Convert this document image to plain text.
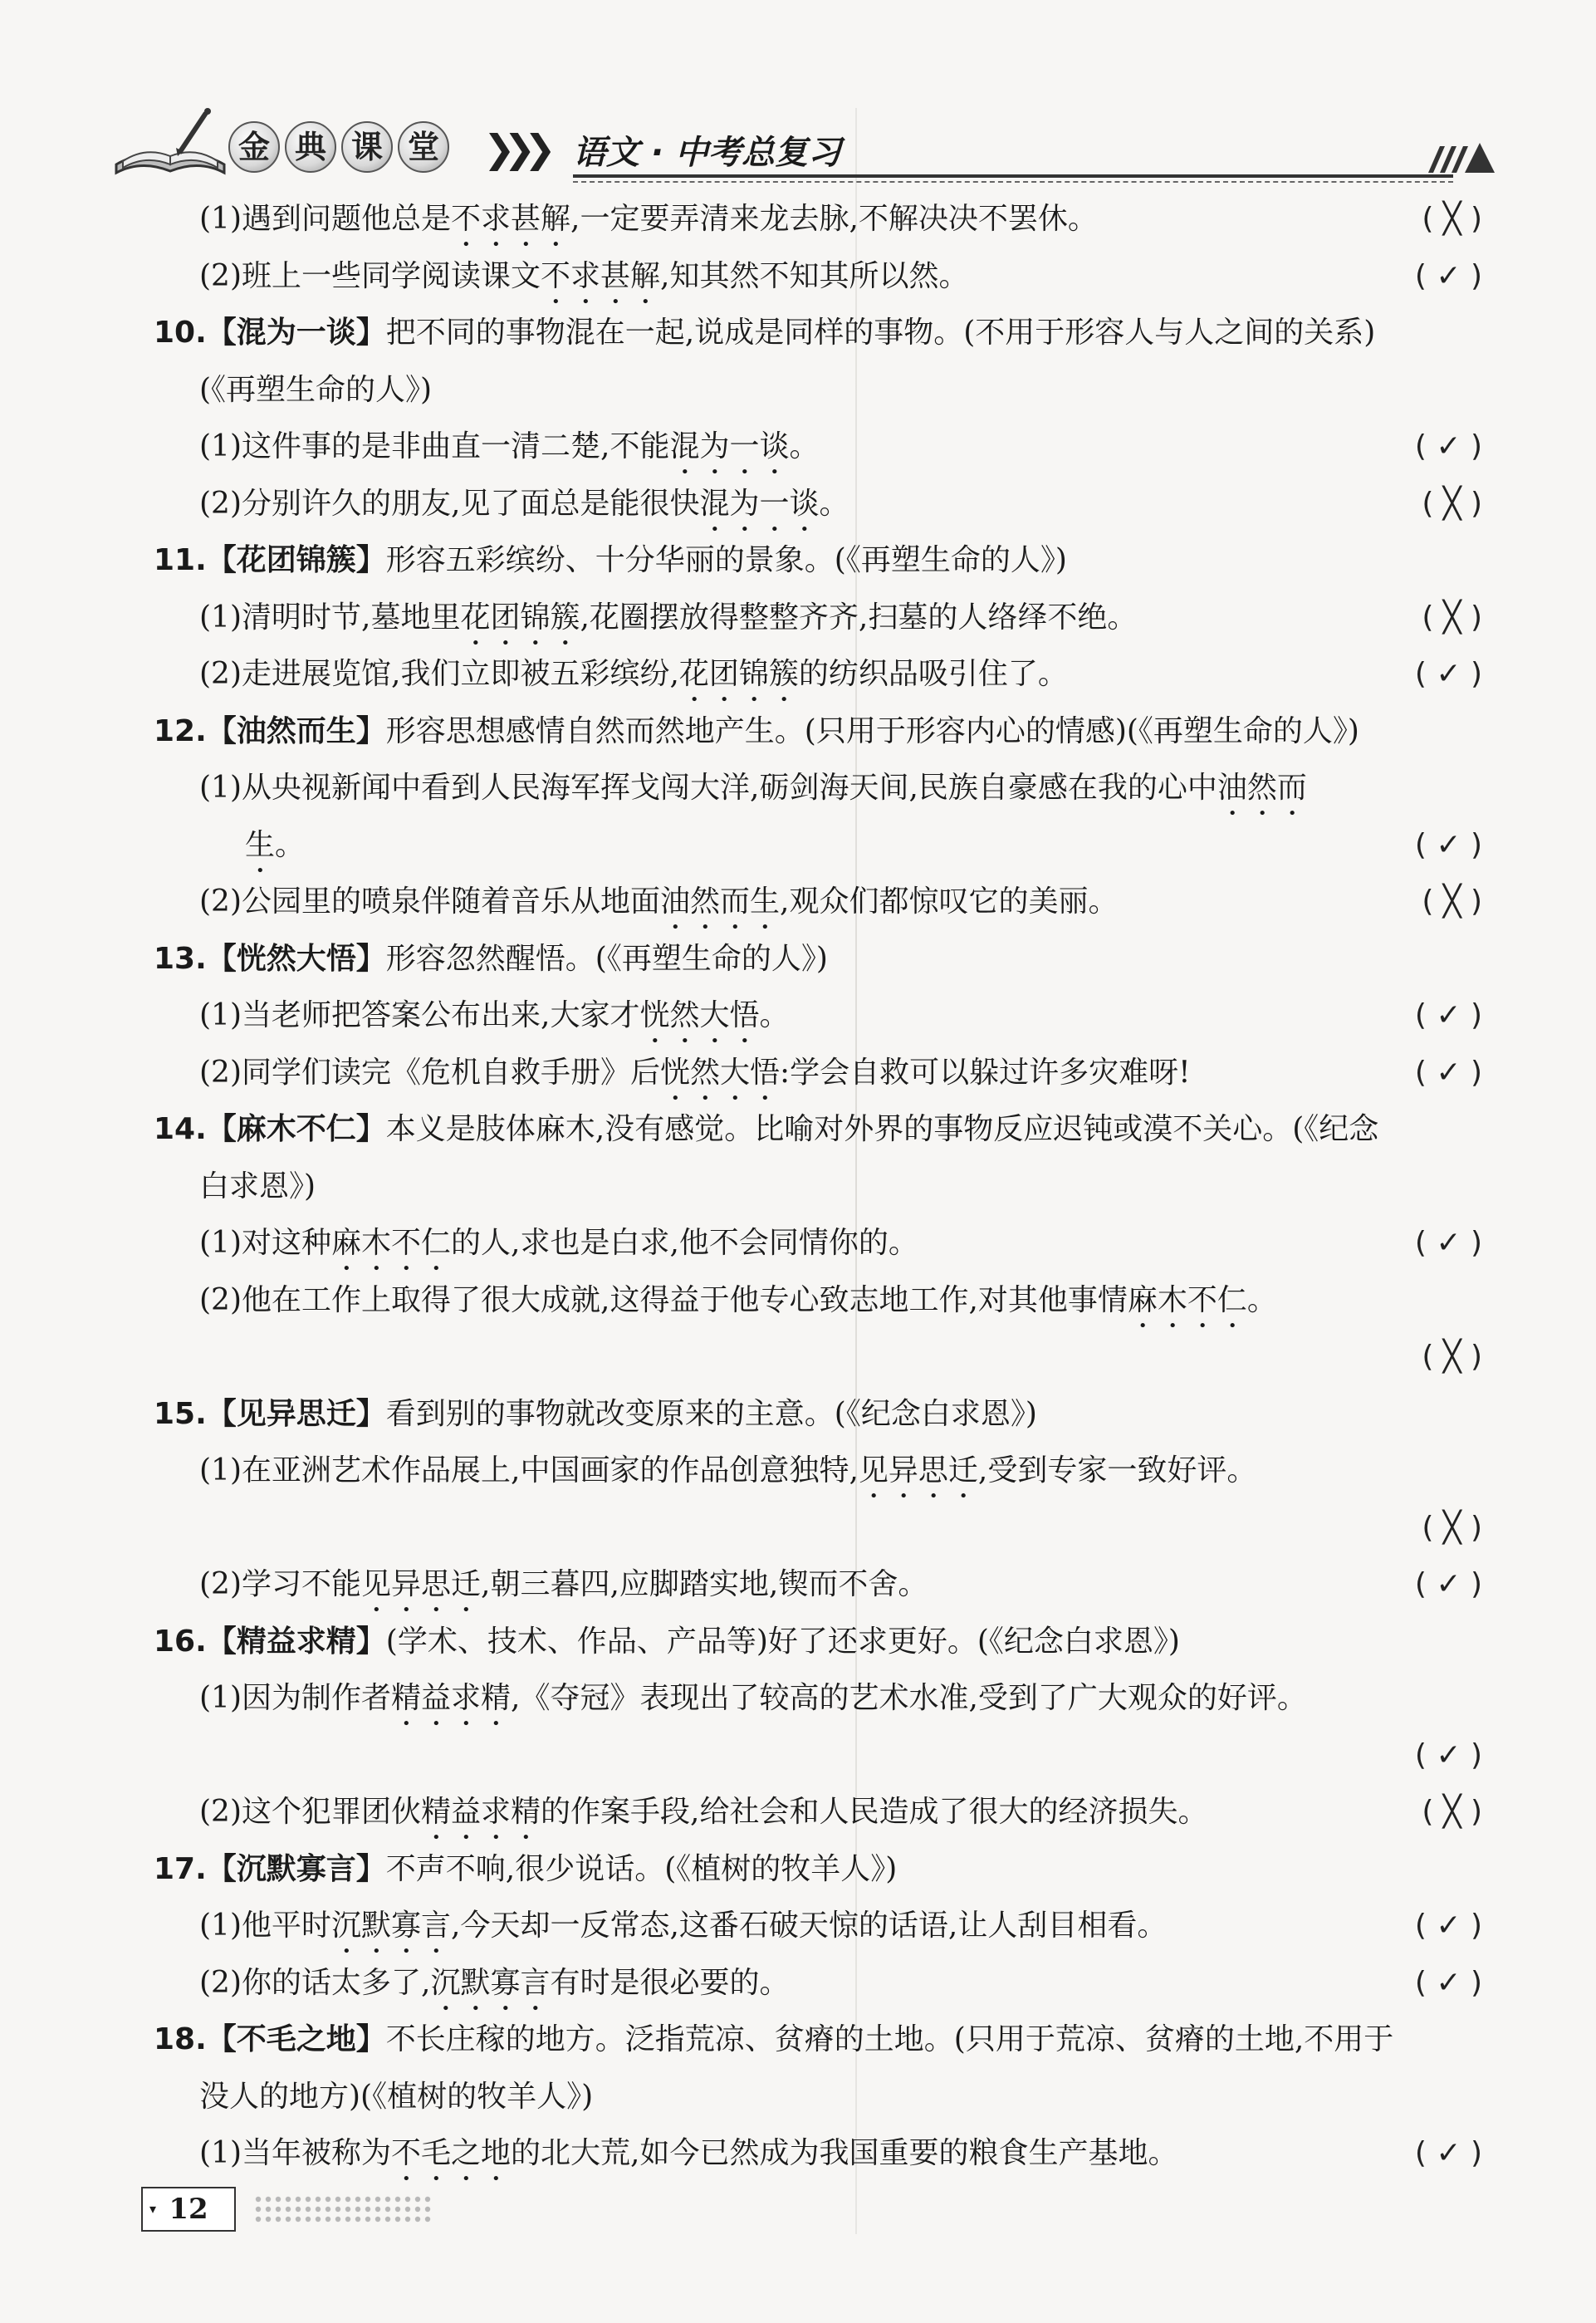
金 典 课 堂 ❯❯❯ 语文 · 中考总复习
(1)遇到问题他总是不求甚解,一定要弄清来龙去脉,不解决决不罢休。	( ╳ )
(2)班上一些同学阅读课文不求甚解,知其然不知其所以然。	( ✓ )
10.【混为一谈】把不同的事物混在一起,说成是同样的事物。(不用于形容人与人之间的关系)
(《再塑生命的人》)
(1)这件事的是非曲直一清二楚,不能混为一谈。	( ✓ )
(2)分别许久的朋友,见了面总是能很快混为一谈。	( ╳ )
11.【花团锦簇】形容五彩缤纷、十分华丽的景象。(《再塑生命的人》)
(1)清明时节,墓地里花团锦簇,花圈摆放得整整齐齐,扫墓的人络绎不绝。	( ╳ )
(2)走进展览馆,我们立即被五彩缤纷,花团锦簇的纺织品吸引住了。	( ✓ )
12.【油然而生】形容思想感情自然而然地产生。(只用于形容内心的情感)(《再塑生命的人》)
(1)从央视新闻中看到人民海军挥戈闯大洋,砺剑海天间,民族自豪感在我的心中油然而
生。	( ✓ )
(2)公园里的喷泉伴随着音乐从地面油然而生,观众们都惊叹它的美丽。	( ╳ )
13.【恍然大悟】形容忽然醒悟。(《再塑生命的人》)
(1)当老师把答案公布出来,大家才恍然大悟。	( ✓ )
(2)同学们读完《危机自救手册》后恍然大悟:学会自救可以躲过许多灾难呀!	( ✓ )
14.【麻木不仁】本义是肢体麻木,没有感觉。比喻对外界的事物反应迟钝或漠不关心。(《纪念
白求恩》)
(1)对这种麻木不仁的人,求也是白求,他不会同情你的。	( ✓ )
(2)他在工作上取得了很大成就,这得益于他专心致志地工作,对其他事情麻木不仁。
( ╳ )
15.【见异思迁】看到别的事物就改变原来的主意。(《纪念白求恩》)
(1)在亚洲艺术作品展上,中国画家的作品创意独特,见异思迁,受到专家一致好评。
( ╳ )
(2)学习不能见异思迁,朝三暮四,应脚踏实地,锲而不舍。	( ✓ )
16.【精益求精】(学术、技术、作品、产品等)好了还求更好。(《纪念白求恩》)
(1)因为制作者精益求精,《夺冠》表现出了较高的艺术水准,受到了广大观众的好评。
( ✓ )
(2)这个犯罪团伙精益求精的作案手段,给社会和人民造成了很大的经济损失。	( ╳ )
17.【沉默寡言】不声不响,很少说话。(《植树的牧羊人》)
(1)他平时沉默寡言,今天却一反常态,这番石破天惊的话语,让人刮目相看。	( ✓ )
(2)你的话太多了,沉默寡言有时是很必要的。	( ✓ )
18.【不毛之地】不长庄稼的地方。泛指荒凉、贫瘠的土地。(只用于荒凉、贫瘠的土地,不用于
没人的地方)(《植树的牧羊人》)
(1)当年被称为不毛之地的北大荒,如今已然成为我国重要的粮食生产基地。	( ✓ )
▾ 12
